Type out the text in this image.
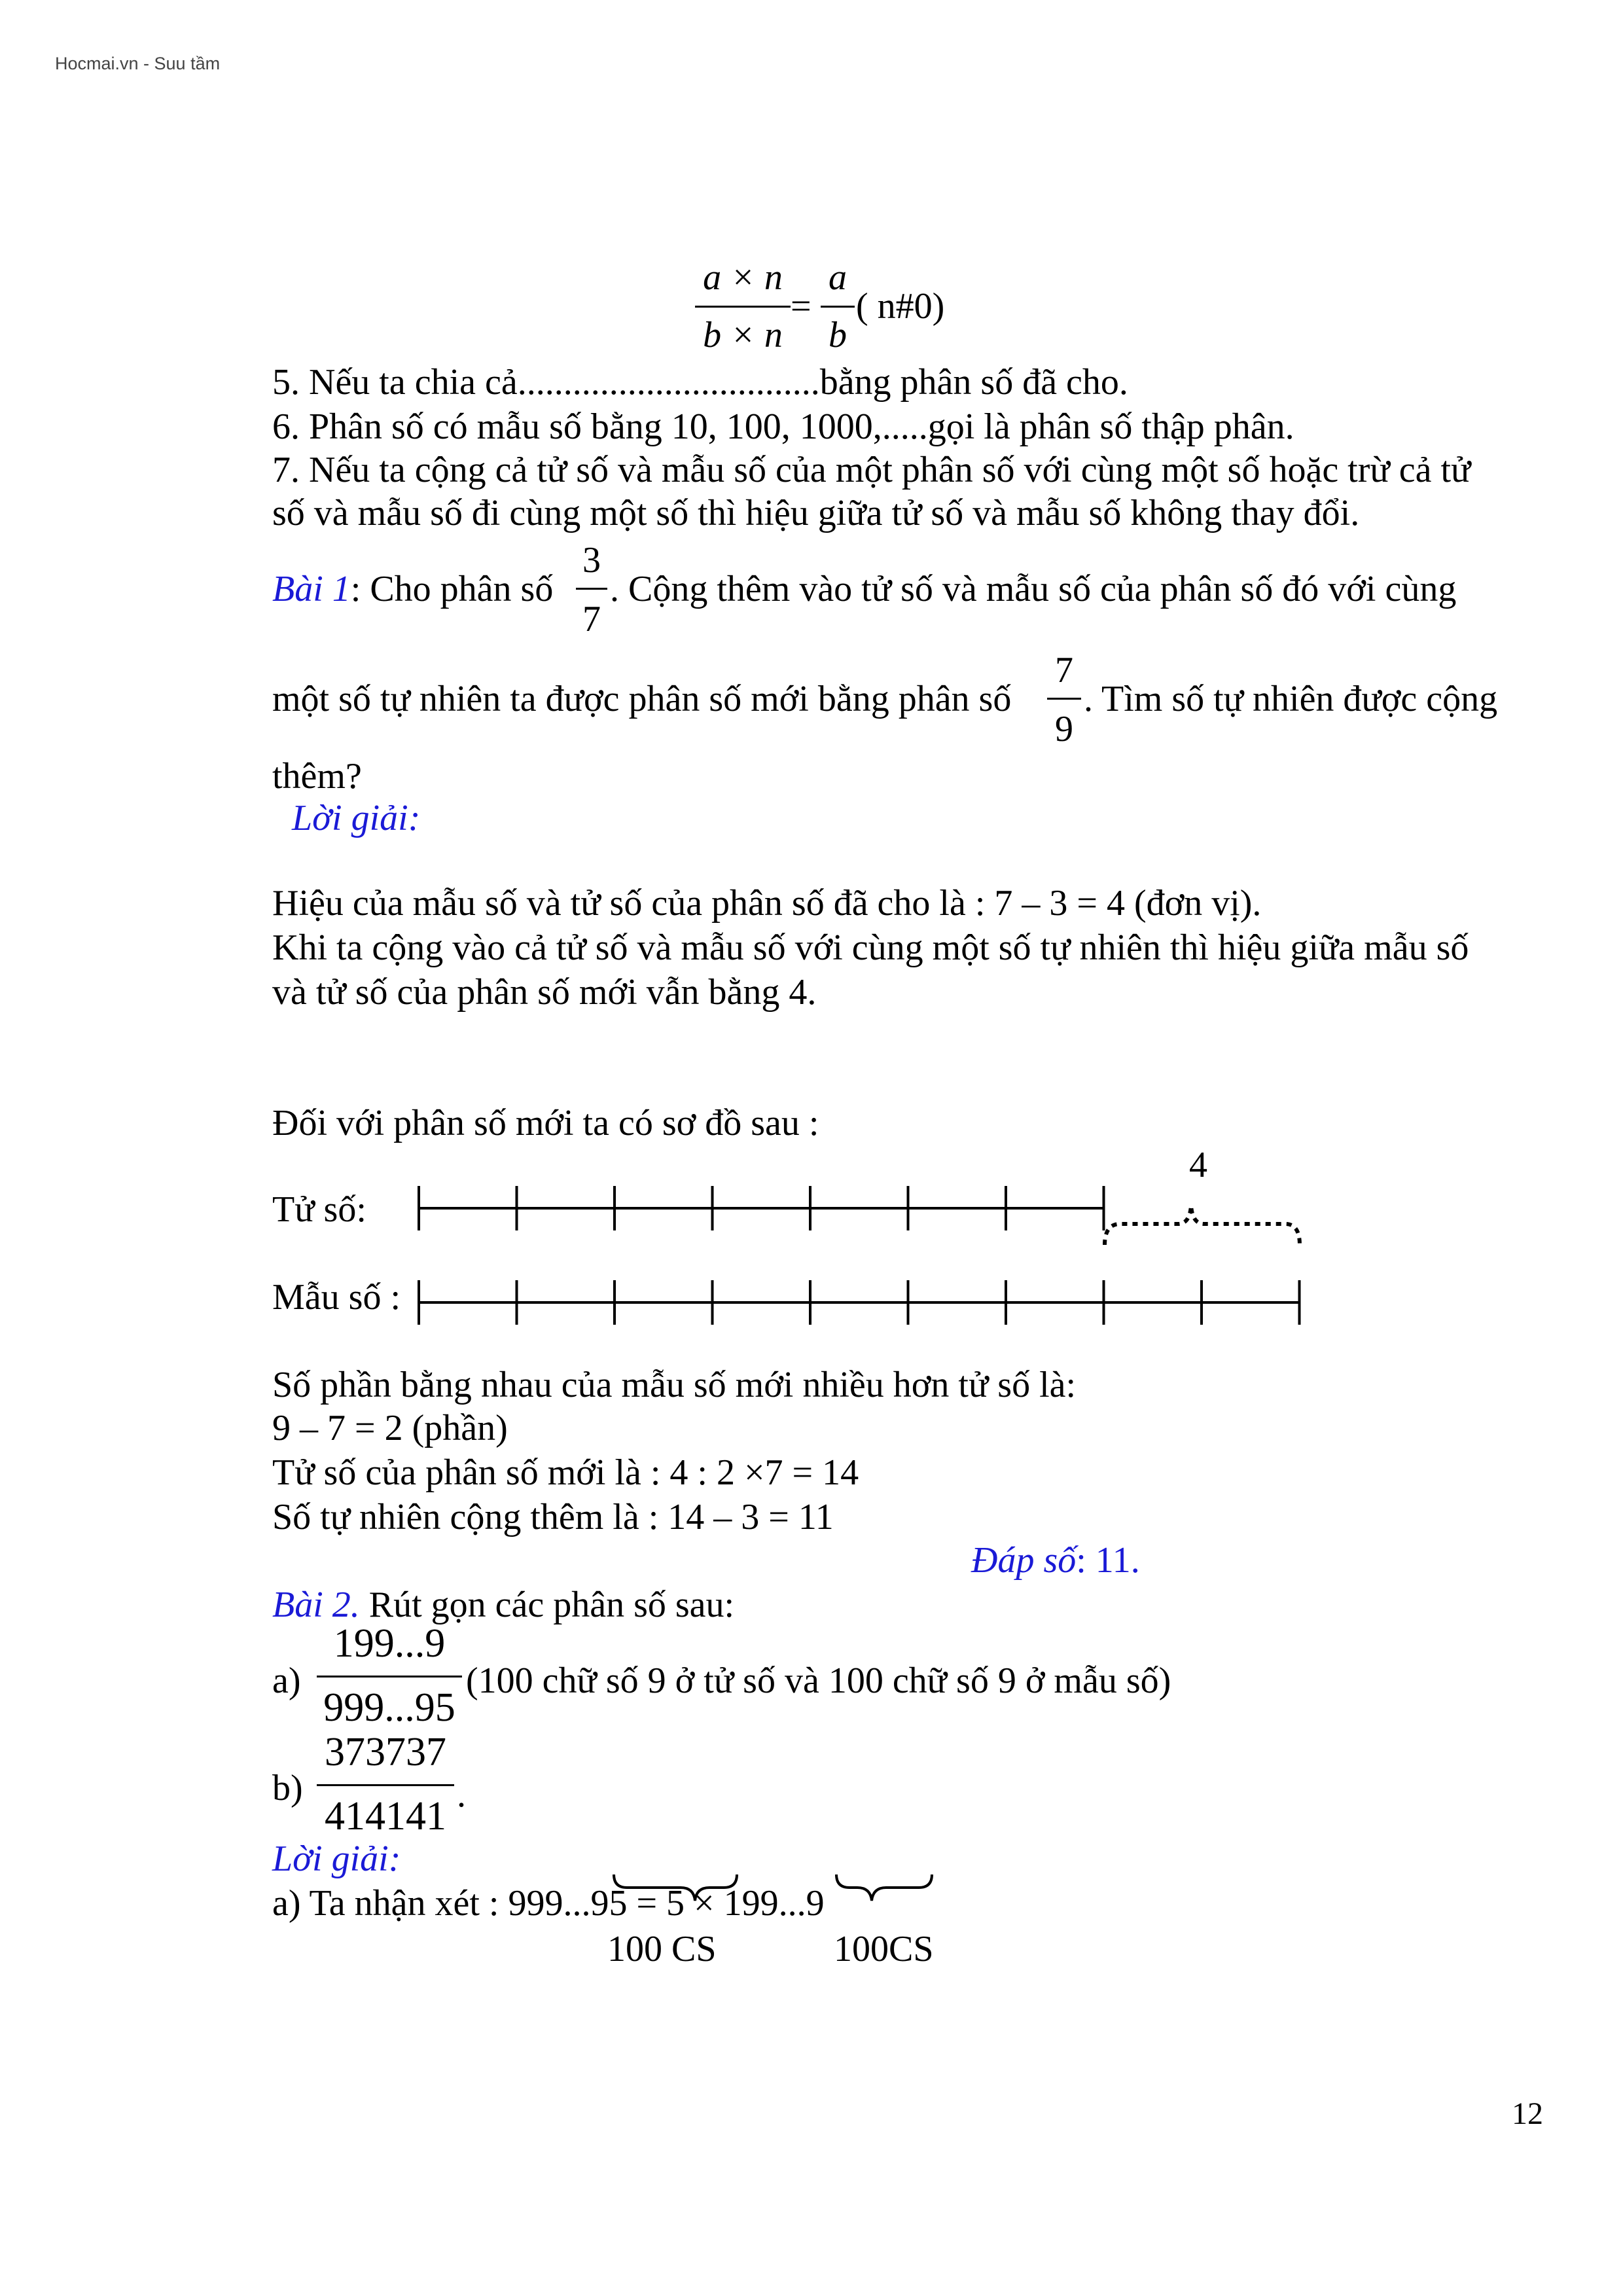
Hocmai.vn - Suu tầm
a × n
b × n
=
a
b
( n#0)
5. Nếu ta chia cả.................................bằng phân số đã cho.
6. Phân số có mẫu số bằng 10, 100, 1000,.....gọi là phân số thập phân.
7. Nếu ta cộng cả tử số và mẫu số của một phân số với cùng một số hoặc trừ cả tử
số và mẫu số đi cùng một số thì hiệu giữa tử số và mẫu số không thay đổi.
Bài 1: Cho phân số
3
7
. Cộng thêm vào tử số và mẫu số của phân số đó với cùng
một số tự nhiên ta được phân số mới bằng phân số
7
9
. Tìm số tự nhiên được cộng
thêm?
Lời giải:
Hiệu của mẫu số và tử số của phân số đã cho là : 7 – 3 = 4 (đơn vị).
Khi ta cộng vào cả tử số và mẫu số với cùng một số tự nhiên thì hiệu giữa mẫu số
và tử số của phân số mới vẫn bằng 4.
Đối với phân số mới ta có sơ đồ sau :
Tử số:
Mẫu số :
4
Số phần bằng nhau của mẫu số mới nhiều hơn tử số là:
9 – 7 = 2 (phần)
Tử số của phân số mới là : 4 : 2 ×7 = 14
Số tự nhiên cộng thêm là : 14 – 3 = 11
Đáp số: 11.
Bài 2. Rút gọn các phân số sau:
a)
199...9
999...95
(100 chữ số 9 ở tử số và 100 chữ số 9 ở mẫu số)
b)
373737
414141 .
Lời giải:
a) Ta nhận xét : 999...95 = 5 × 199...9
100 CS	100CS
12
